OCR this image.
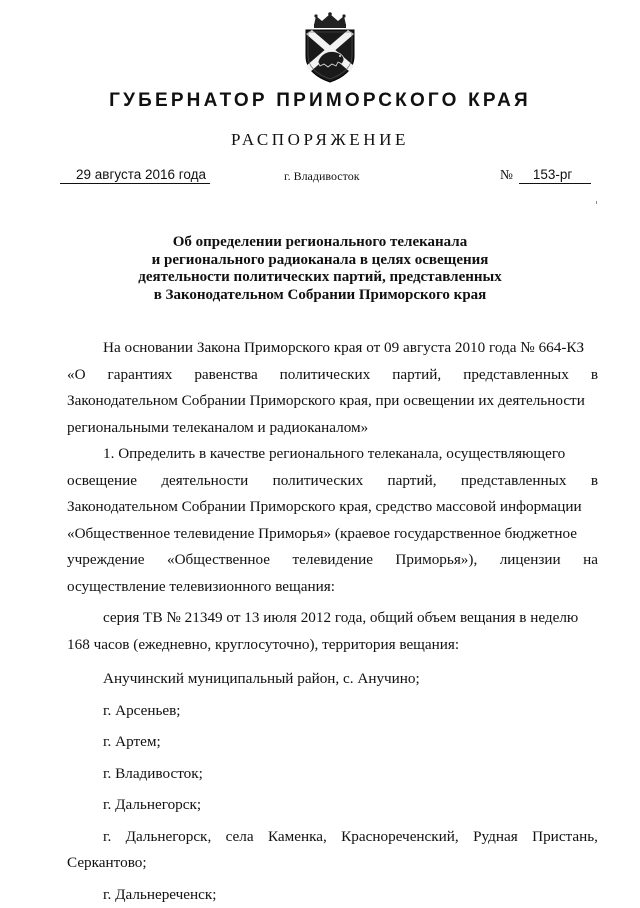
ГУБЕРНАТОР ПРИМОРСКОГО КРАЯ
РАСПОРЯЖЕНИЕ
29 августа 2016 года	г. Владивосток	№ 153-рг
Об определении регионального телеканала
и регионального радиоканала в целях освещения
деятельности политических партий, представленных
в Законодательном Собрании Приморского края
На основании Закона Приморского края от 09 августа 2010 года № 664-КЗ
«О гарантиях равенства политических партий, представленных в
Законодательном Собрании Приморского края, при освещении их деятельности
региональными телеканалом и радиоканалом»
1. Определить в качестве регионального телеканала, осуществляющего
освещение деятельности политических партий, представленных в
Законодательном Собрании Приморского края, средство массовой информации
«Общественное телевидение Приморья» (краевое государственное бюджетное
учреждение «Общественное телевидение Приморья»), лицензии на
осуществление телевизионного вещания:
серия ТВ № 21349 от 13 июля 2012 года, общий объем вещания в неделю
168 часов (ежедневно, круглосуточно), территория вещания:
Анучинский муниципальный район, с. Анучино;
г. Арсеньев;
г. Артем;
г. Владивосток;
г. Дальнегорск;
г. Дальнегорск, села Каменка, Краснореченский, Рудная Пристань,
Серкантово;
г. Дальнереченск;
